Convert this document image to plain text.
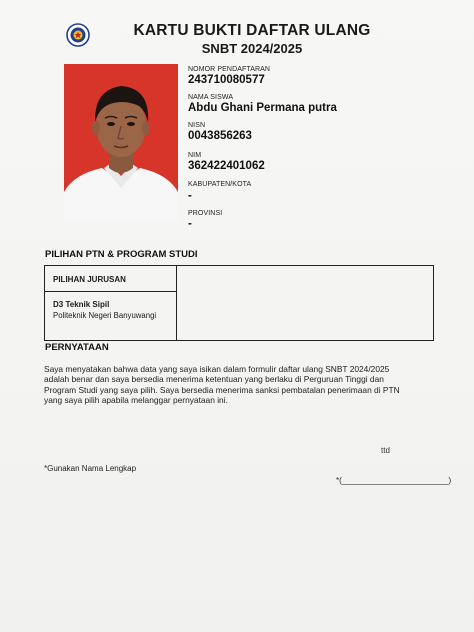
KARTU BUKTI DAFTAR ULANG
SNBT 2024/2025
NOMOR PENDAFTARAN
243710080577
NAMA SISWA
Abdu Ghani Permana putra
NISN
0043856263
NIM
362422401062
KABUPATEN/KOTA
-
PROVINSI
-
PILIHAN PTN & PROGRAM STUDI
PILIHAN JURUSAN
D3 Teknik Sipil
Politeknik Negeri Banyuwangi
PERNYATAAN
Saya menyatakan bahwa data yang saya isikan dalam formulir daftar ulang SNBT 2024/2025
adalah benar dan saya bersedia menerima ketentuan yang berlaku di Perguruan Tinggi dan
Program Studi yang saya pilih. Saya bersedia menerima sanksi pembatalan penerimaan di PTN
yang saya pilih apabila melanggar pernyataan ini.
ttd
*Gunakan Nama Lengkap
*(________________________)
